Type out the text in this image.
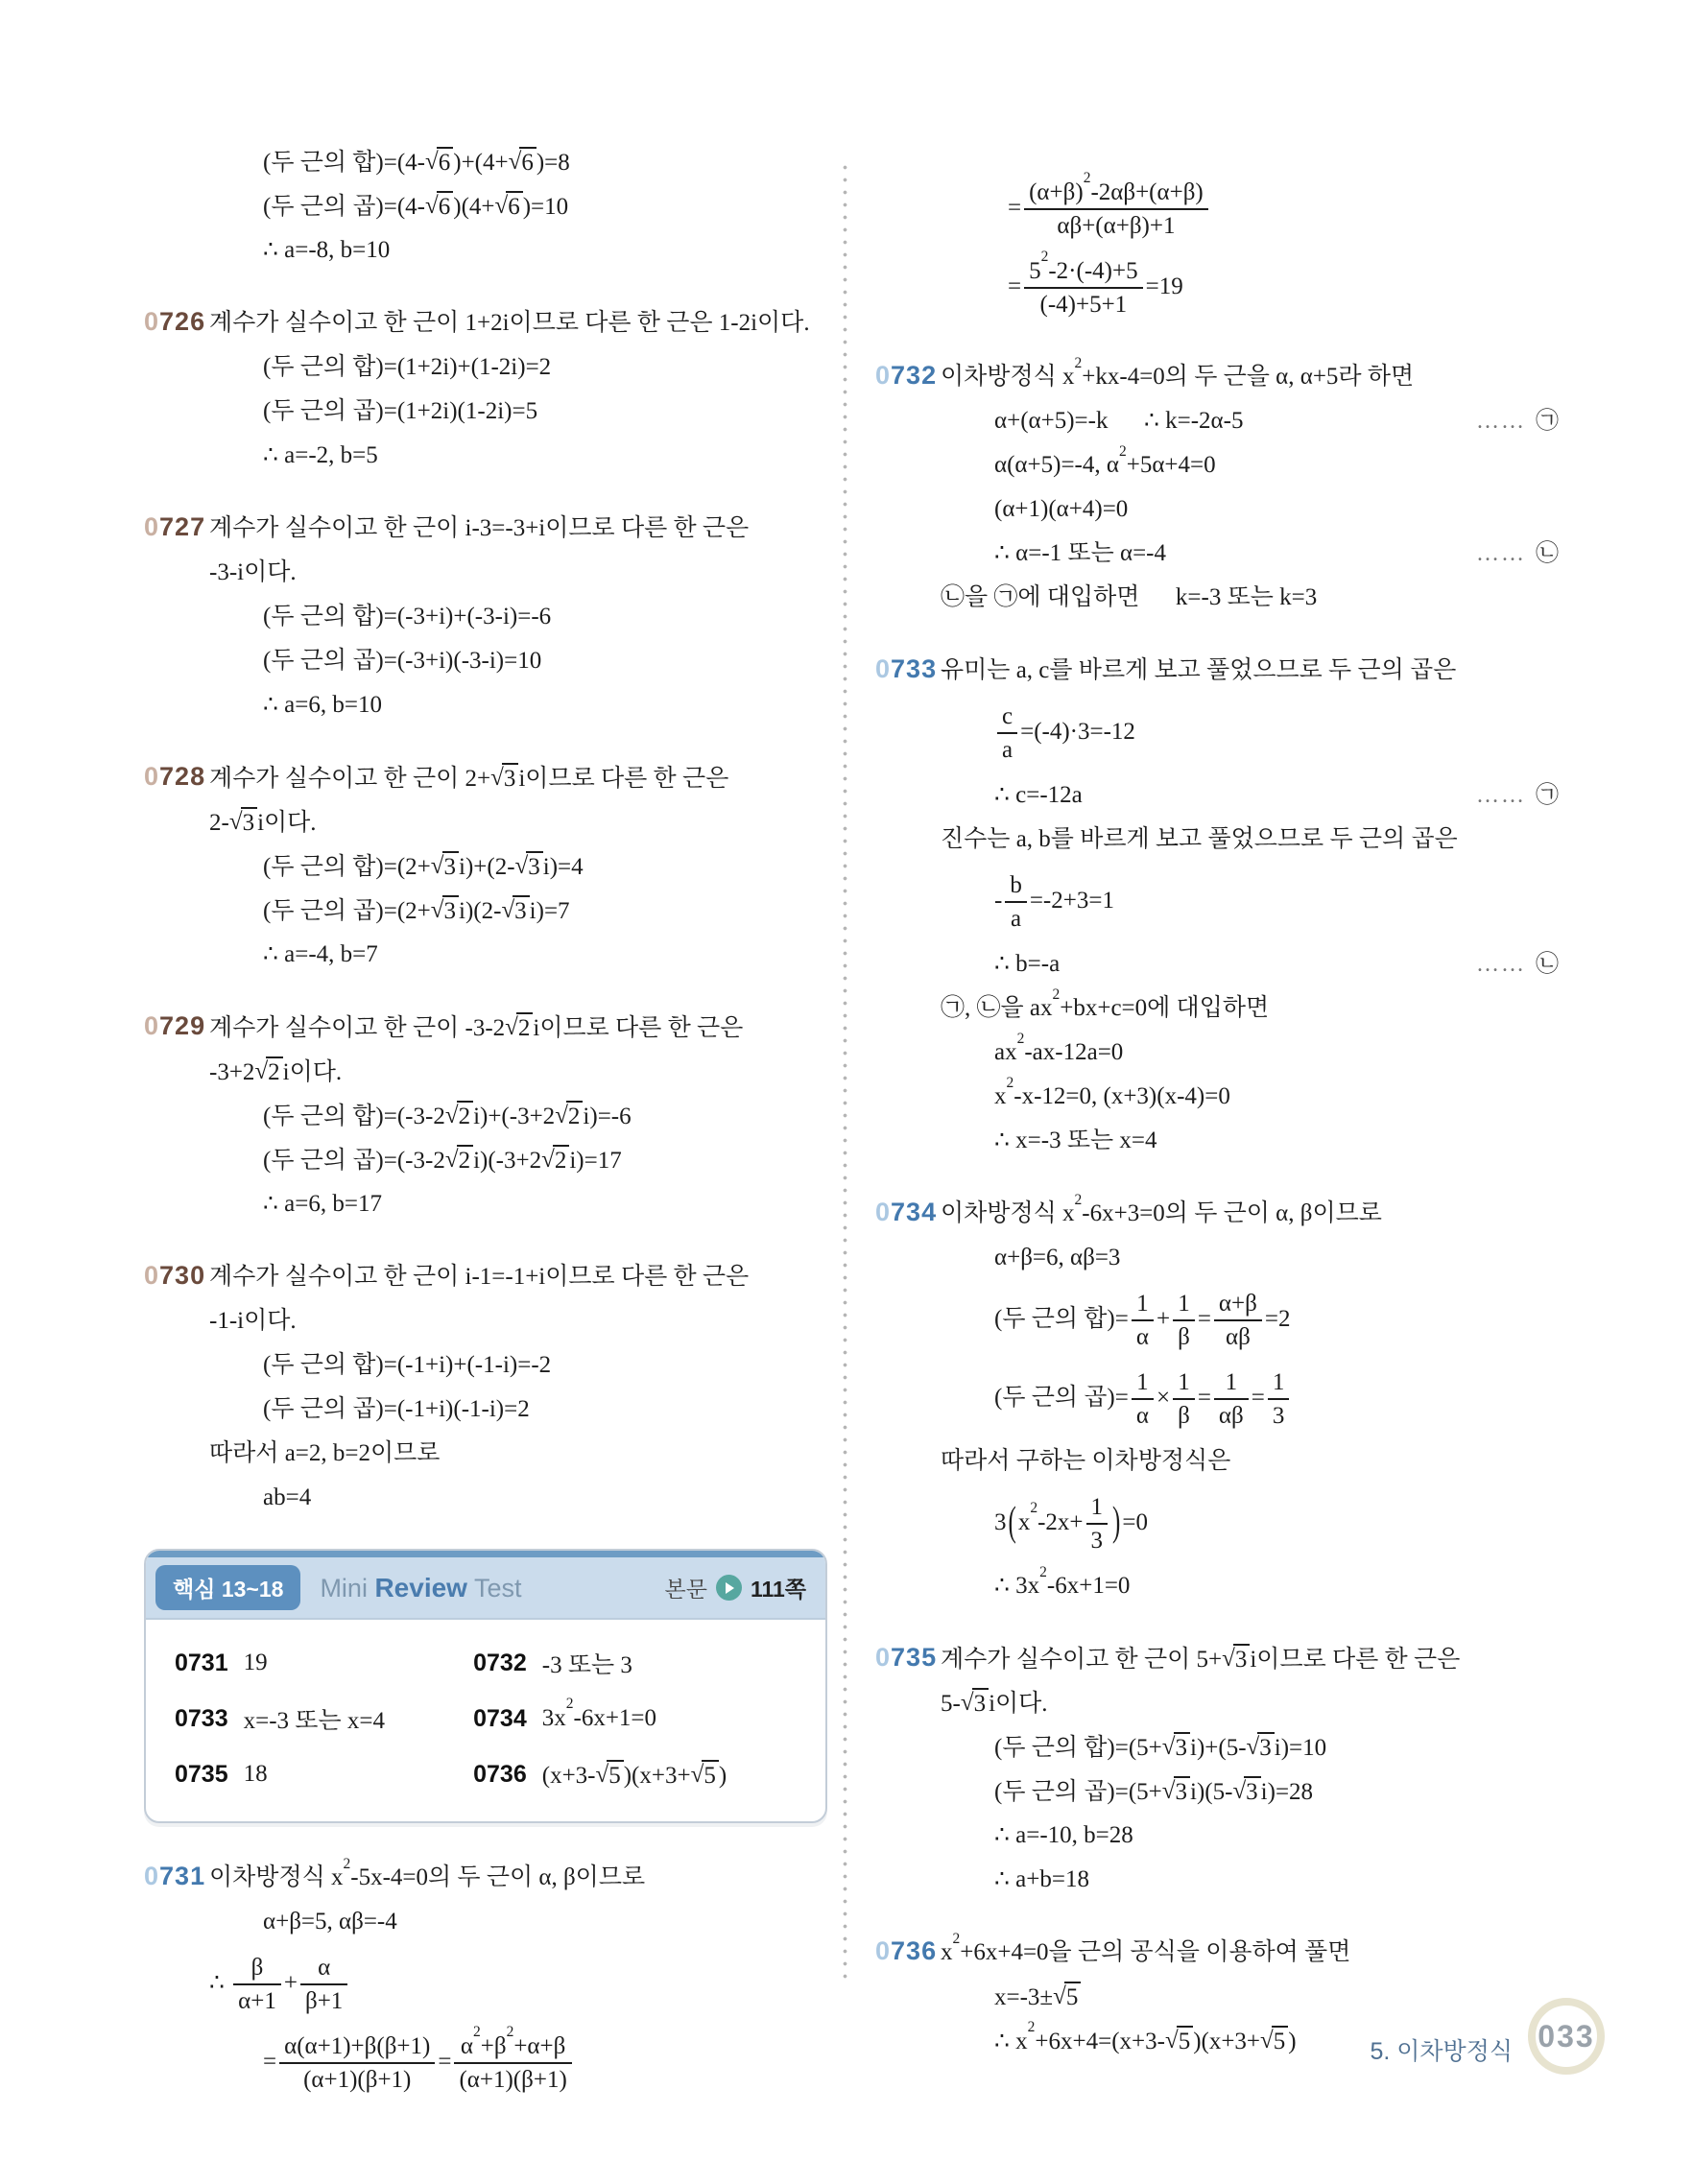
(두 근의 합)=(4-√6 )+(4+√6 )=8
(두 근의 곱)=(4-√6 )(4+√6 )=10
∴ a=-8, b=10
0726 계수가 실수이고 한 근이 1+2i이므로 다른 한 근은 1-2i이다.
(두 근의 합)=(1+2i)+(1-2i)=2
(두 근의 곱)=(1+2i)(1-2i)=5
∴ a=-2, b=5
0727 계수가 실수이고 한 근이 i-3=-3+i이므로 다른 한 근은
-3-i이다.
(두 근의 합)=(-3+i)+(-3-i)=-6
(두 근의 곱)=(-3+i)(-3-i)=10
∴ a=6, b=10
0728 계수가 실수이고 한 근이 2+√3 i이므로 다른 한 근은
2-√3 i이다.
(두 근의 합)=(2+√3 i)+(2-√3 i)=4
(두 근의 곱)=(2+√3 i)(2-√3 i)=7
∴ a=-4, b=7
0729 계수가 실수이고 한 근이 -3-2√2 i이므로 다른 한 근은
-3+2√2 i이다.
(두 근의 합)=(-3-2√2 i)+(-3+2√2 i)=-6
(두 근의 곱)=(-3-2√2 i)(-3+2√2 i)=17
∴ a=6, b=17
0730 계수가 실수이고 한 근이 i-1=-1+i이므로 다른 한 근은
-1-i이다.
(두 근의 합)=(-1+i)+(-1-i)=-2
(두 근의 곱)=(-1+i)(-1-i)=2
따라서 a=2, b=2이므로
ab=4
핵심 13~18	Mini Review Test	본문 111쪽
0731 19	0732 -3 또는 3
0733 x=-3 또는 x=4	0734 $3x^2-6x+1=0$
0735 18	0736 (x+3-√5 )(x+3+√5 )
0731 이차방정식 $x^2-5x-4=0$의 두 근이 α, β이므로
α+β=5, αβ=-4
∴ $\frac{\beta}{\alpha+1} + \frac{\alpha}{\beta+1}$
= $\frac{\alpha(\alpha+1)+\beta(\beta+1)}{(\alpha+1)(\beta+1)} = \frac{\alpha^2+\beta^2+\alpha+\beta}{(\alpha+1)(\beta+1)}$
= $\frac{(\alpha+\beta)^2-2\alpha\beta+(\alpha+\beta)}{\alpha\beta+(\alpha+\beta)+1}$
= $\frac{5^2-2\cdot(-4)+5}{(-4)+5+1} =19$
0732 이차방정식 $x^2+kx-4=0$의 두 근을 α, α+5라 하면
α+(α+5)=-k      ∴ k=-2α-5	…… ㉠
α(α+5)=-4, $\alpha^2+5\alpha+4=0$
(α+1)(α+4)=0
∴ α=-1 또는 α=-4	…… ㉡
㉡을 ㉠에 대입하면      k=-3 또는 k=3
0733 유미는 a, c를 바르게 보고 풀었으므로 두 근의 곱은
$\frac{c}{a} =(-4)\cdot 3=-12$
∴ c=-12a	…… ㉠
진수는 a, b를 바르게 보고 풀었으므로 두 근의 곱은
- $\frac{b}{a} =-2+3=1$
∴ b=-a	…… ㉡
㉠, ㉡을 $ax^2+bx+c=0$에 대입하면
$ax^2-ax-12a=0$
$x^2-x-12=0$, (x+3)(x-4)=0
∴ x=-3 또는 x=4
0734 이차방정식 $x^2-6x+3=0$의 두 근이 α, β이므로
α+β=6, αβ=3
(두 근의 합)= $\frac{1}{\alpha} + \frac{1}{\beta} = \frac{\alpha+\beta}{\alpha\beta} =2$
(두 근의 곱)= $\frac{1}{\alpha} \times \frac{1}{\beta} = \frac{1}{\alpha\beta} = \frac{1}{3}$
따라서 구하는 이차방정식은
$3(x^2-2x+ \frac{1}{3} )=0$
∴ $3x^2-6x+1=0$
0735 계수가 실수이고 한 근이 5+√3 i이므로 다른 한 근은
5-√3 i이다.
(두 근의 합)=(5+√3 i)+(5-√3 i)=10
(두 근의 곱)=(5+√3 i)(5-√3 i)=28
∴ a=-10, b=28
∴ a+b=18
0736 $x^2+6x+4=0$을 근의 공식을 이용하여 풀면
x=-3±√5
∴ $x^2+6x+4=(x+3-√5$ )(x+3+√5 )	5. 이차방정식 033
